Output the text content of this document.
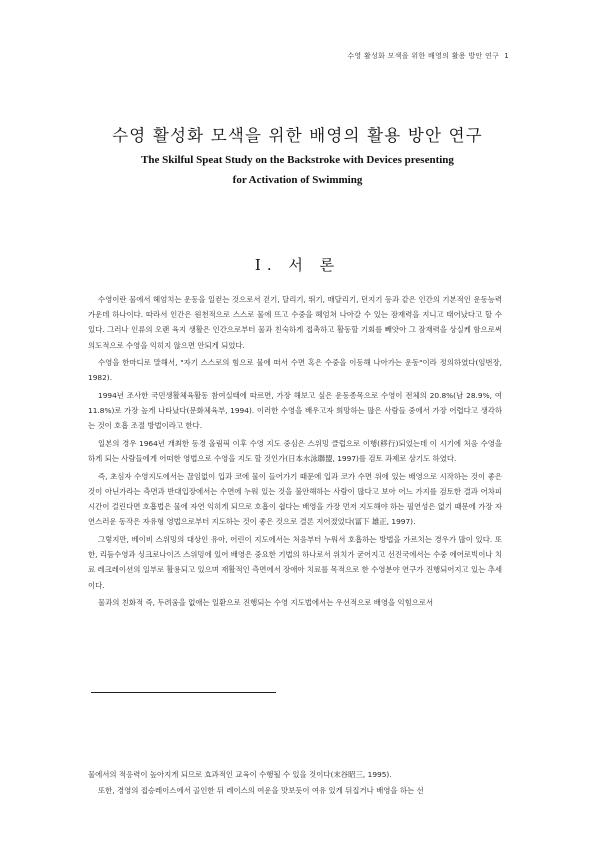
수영 활성화 모색을 위한 배영의 활용 방안 연구 1
수영 활성화 모색을 위한 배영의 활용 방안 연구
The Skilful Speat Study on the Backstroke with Devices presenting
for Activation of Swimming
I. 서 론

수영이란 물에서 헤엄치는 운동을 일컫는 것으로서 걷기, 달리기, 뛰기, 매달리기, 던지기 등과 같은 인간의 기본적인 운동능력 가운데 하나이다. 따라서 인간은 원천적으로 스스로 물에 뜨고 수중을 헤엄쳐 나아갈 수 있는 잠재력을 지니고 태어났다고 할 수 있다. 그러나 인류의 오랜 육지 생활은 인간으로부터 물과 친숙하게 접촉하고 활동할 기회를 빼앗아 그 잠재력을 상실케 함으로써 의도적으로 수영을 익히지 않으면 안되게 되었다.

수영을 한마디로 말해서, "자기 스스로의 힘으로 물에 떠서 수면 혹은 수중을 이동해 나아가는 운동"이라 정의하였다(임번장, 1982).

1994년 조사한 국민생활체육활동 참여실태에 따르면, 가장 해보고 싶은 운동종목으로 수영이 전체의 20.8%(남 28.9%, 여 11.8%)로 가장 높게 나타났다(문화체육부, 1994). 이러한 수영을 배우고자 희망하는 많은 사람들 중에서 가장 어렵다고 생각하는 것이 호흡 조절 방법이라고 한다.

일본의 경우 1964년 개최한 동경 올림픽 이후 수영 지도 중심은 스위밍 클럽으로 이행(移行)되었는데 이 시기에 처음 수영을 하게 되는 사람들에게 어떠한 영법으로 수영을 지도 할 것인가(日本水泳聯盟, 1997)를 검토 과제로 삼기도 하였다.

즉, 초심자 수영지도에서는 끊임없이 입과 코에 물이 들어가기 때문에 입과 코가 수면 위에 있는 배영으로 시작하는 것이 좋은 것이 아닌가라는 측면과 반대입장에서는 수면에 누워 있는 것을 불안해하는 사람이 많다고 보아 어느 가지를 검토한 결과 어차피 시간이 걸린다면 호흡법은 물에 자연 익히게 되므로 호흡이 쉽다는 배영을 가장 먼저 지도해야 하는 필연성은 없기 때문에 가장 자연스러운 동작은 자유형 영법으로부터 지도하는 것이 좋은 것으로 결론 지어졌었다(冨下 雄正, 1997).

그렇지만, 베이비 스위밍의 대상인 유아, 어린이 지도에서는 처음부터 누워서 호흡하는 방법을 가르치는 경우가 많이 있다. 또한, 리듬수영과 싱크로나이즈 스위밍에 있어 배영은 중요한 기법의 하나로서 위치가 굳어지고 선진국에서는 수중 에어로빅이나 치료 레크레이션의 일부로 활용되고 있으며 재활적인 측면에서 장애아 치료를 목적으로 한 수영분야 연구가 진행되어지고 있는 추세이다.

물과의 친화적 즉, 두려움을 없애는 일환으로 진행되는 수영 지도법에서는 우선적으로 배영을 익힘으로서

물에서의 적응력이 높아지게 되므로 효과적인 교육이 수행될 수 있을 것이다(末谷昭三, 1995).

또한, 경영의 접승레이스에서 골인한 뒤 레이스의 여운을 맛보듯이 여유 있게 뒤집거나 배영을 하는 선
